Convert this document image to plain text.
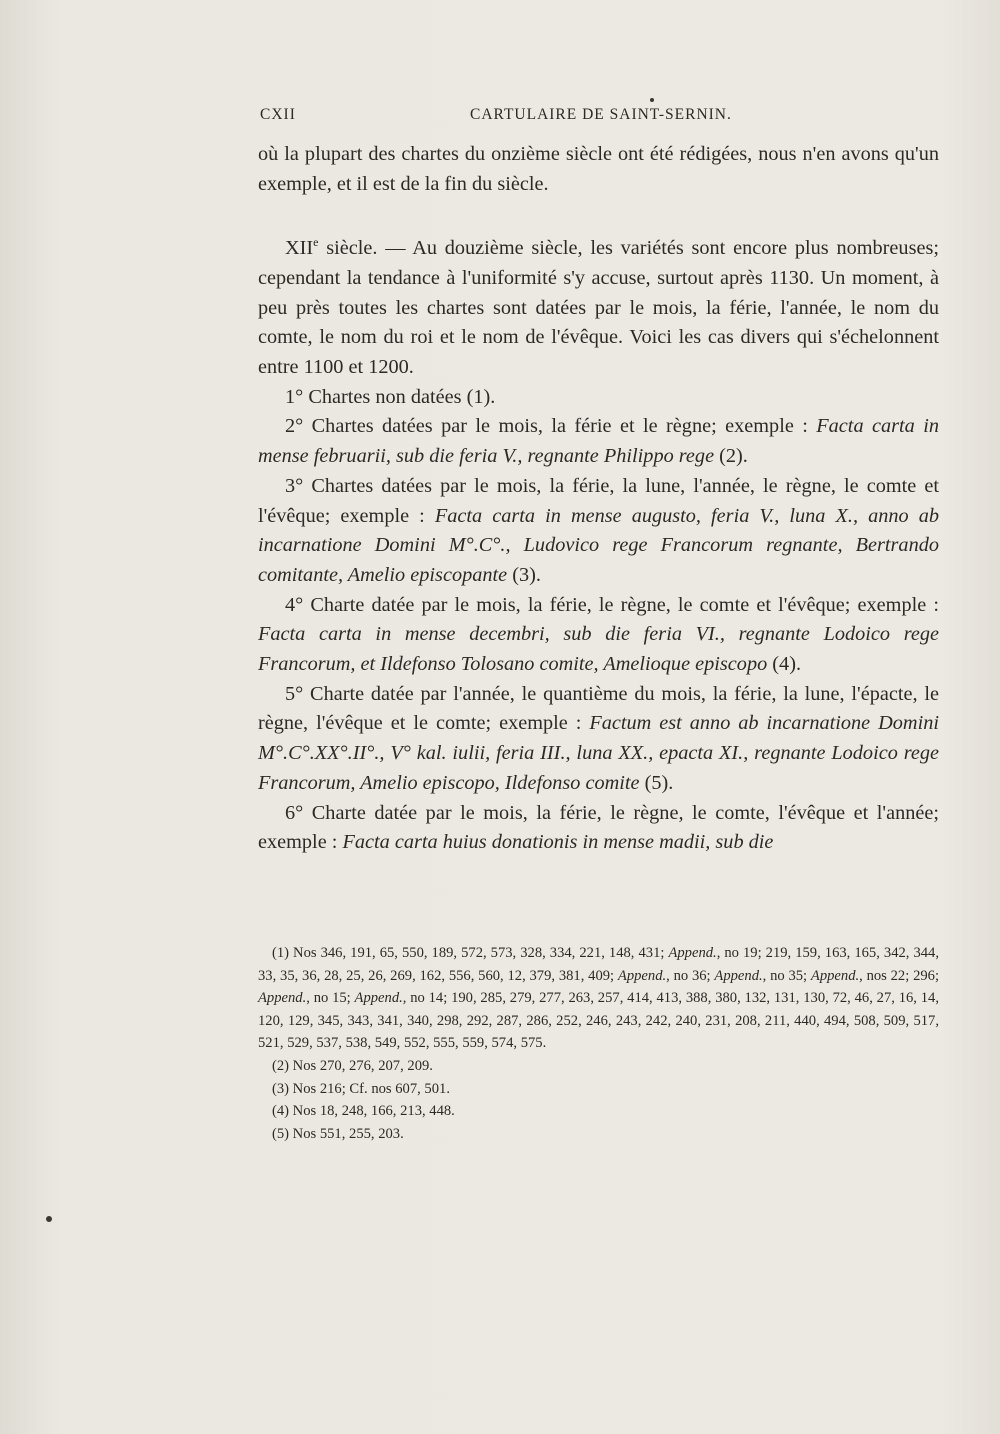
CXII	CARTULAIRE DE SAINT-SERNIN.

où la plupart des chartes du onzième siècle ont été rédigées, nous n'en avons qu'un exemple, et il est de la fin du siècle.

XIIe siècle. — Au douzième siècle, les variétés sont encore plus nombreuses; cependant la tendance à l'uniformité s'y accuse, surtout après 1130. Un moment, à peu près toutes les chartes sont datées par le mois, la férie, l'année, le nom du comte, le nom du roi et le nom de l'évêque. Voici les cas divers qui s'échelonnent entre 1100 et 1200.

1° Chartes non datées (1).

2° Chartes datées par le mois, la férie et le règne; exemple : Facta carta in mense februarii, sub die feria V., regnante Philippo rege (2).

3° Chartes datées par le mois, la férie, la lune, l'année, le règne, le comte et l'évêque; exemple : Facta carta in mense augusto, feria V., luna X., anno ab incarnatione Domini M°.C°., Ludovico rege Francorum regnante, Bertrando comitante, Amelio episcopante (3).

4° Charte datée par le mois, la férie, le règne, le comte et l'évêque; exemple : Facta carta in mense decembri, sub die feria VI., regnante Lodoico rege Francorum, et Ildefonso Tolosano comite, Amelioque episcopo (4).

5° Charte datée par l'année, le quantième du mois, la férie, la lune, l'épacte, le règne, l'évêque et le comte; exemple : Factum est anno ab incarnatione Domini M°.C°.XX°.II°., V° kal. iulii, feria III., luna XX., epacta XI., regnante Lodoico rege Francorum, Amelio episcopo, Ildefonso comite (5).

6° Charte datée par le mois, la férie, le règne, le comte, l'évêque et l'année; exemple : Facta carta huius donationis in mense madii, sub die

(1) Nos 346, 191, 65, 550, 189, 572, 573, 328, 334, 221, 148, 431; Append., no 19; 219, 159, 163, 165, 342, 344, 33, 35, 36, 28, 25, 26, 269, 162, 556, 560, 12, 379, 381, 409; Append., no 36; Append., no 35; Append., nos 22; 296; Append., no 15; Append., no 14; 190, 285, 279, 277, 263, 257, 414, 413, 388, 380, 132, 131, 130, 72, 46, 27, 16, 14, 120, 129, 345, 343, 341, 340, 298, 292, 287, 286, 252, 246, 243, 242, 240, 231, 208, 211, 440, 494, 508, 509, 517, 521, 529, 537, 538, 549, 552, 555, 559, 574, 575.

(2) Nos 270, 276, 207, 209.

(3) Nos 216; Cf. nos 607, 501.

(4) Nos 18, 248, 166, 213, 448.

(5) Nos 551, 255, 203.
